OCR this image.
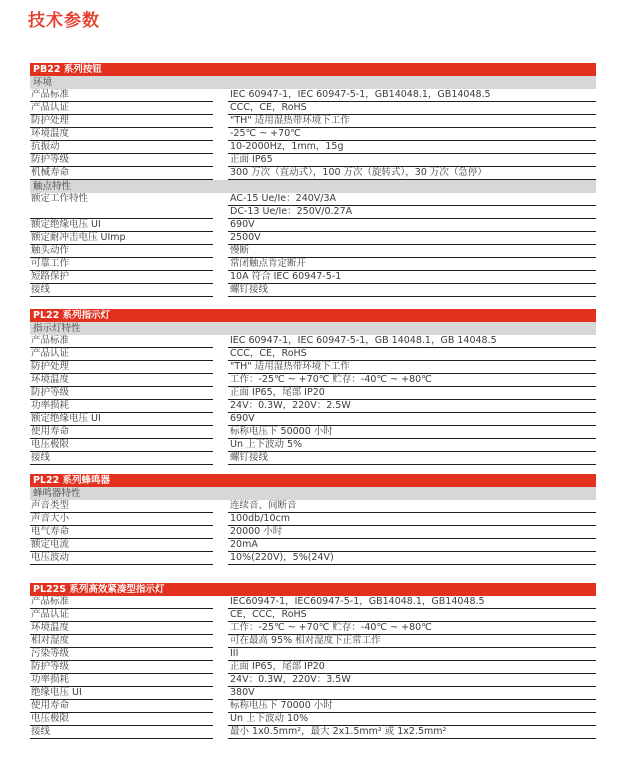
技术参数
PB22 系列按钮
环境
产品标准	IEC 60947-1，IEC 60947-5-1，GB14048.1，GB14048.5
产品认证	CCC，CE，RoHS
防护处理	"TH" 适用湿热带环境下工作
环境温度	-25℃ ~ +70℃
抗振动	10-2000Hz，1mm，15g
防护等级	正面 IP65
机械寿命	300 万次（直动式），100 万次（旋转式），30 万次（急停）
触点特性
额定工作特性	AC-15 Ue/Ie：240V/3A
DC-13 Ue/Ie：250V/0.27A
额定绝缘电压 UI	690V
额定耐冲击电压 UImp	2500V
触头动作	慢断
可靠工作	常闭触点肯定断开
短路保护	10A 符合 IEC 60947-5-1
接线	螺钉接线
PL22 系列指示灯
指示灯特性
产品标准	IEC 60947-1，IEC 60947-5-1，GB 14048.1，GB 14048.5
产品认证	CCC，CE，RoHS
防护处理	"TH" 适用湿热带环境下工作
环境温度	工作：-25℃ ~ +70℃ 贮存：-40℃ ~ +80℃
防护等级	正面 IP65，尾部 IP20
功率损耗	24V：0.3W，220V：2.5W
额定绝缘电压 UI	690V
使用寿命	标称电压下 50000 小时
电压极限	Un 上下波动 5%
接线	螺钉接线
PL22 系列蜂鸣器
蜂鸣器特性
声音类型	连续音、间断音
声音大小	100db/10cm
电气寿命	20000 小时
额定电流	20mA
电压波动	10%(220V)，5%(24V)
PL22S 系列高效紧凑型指示灯
产品标准	IEC60947-1，IEC60947-5-1，GB14048.1，GB14048.5
产品认证	CE，CCC，RoHS
环境温度	工作：-25℃ ~ +70℃ 贮存：-40℃ ~ +80℃
相对湿度	可在最高 95% 相对湿度下正常工作
污染等级	III
防护等级	正面 IP65，尾部 IP20
功率损耗	24V：0.3W，220V：3.5W
绝缘电压 UI	380V
使用寿命	标称电压下 70000 小时
电压极限	Un 上下波动 10%
接线	最小 1x0.5mm²，最大 2x1.5mm² 或 1x2.5mm²
